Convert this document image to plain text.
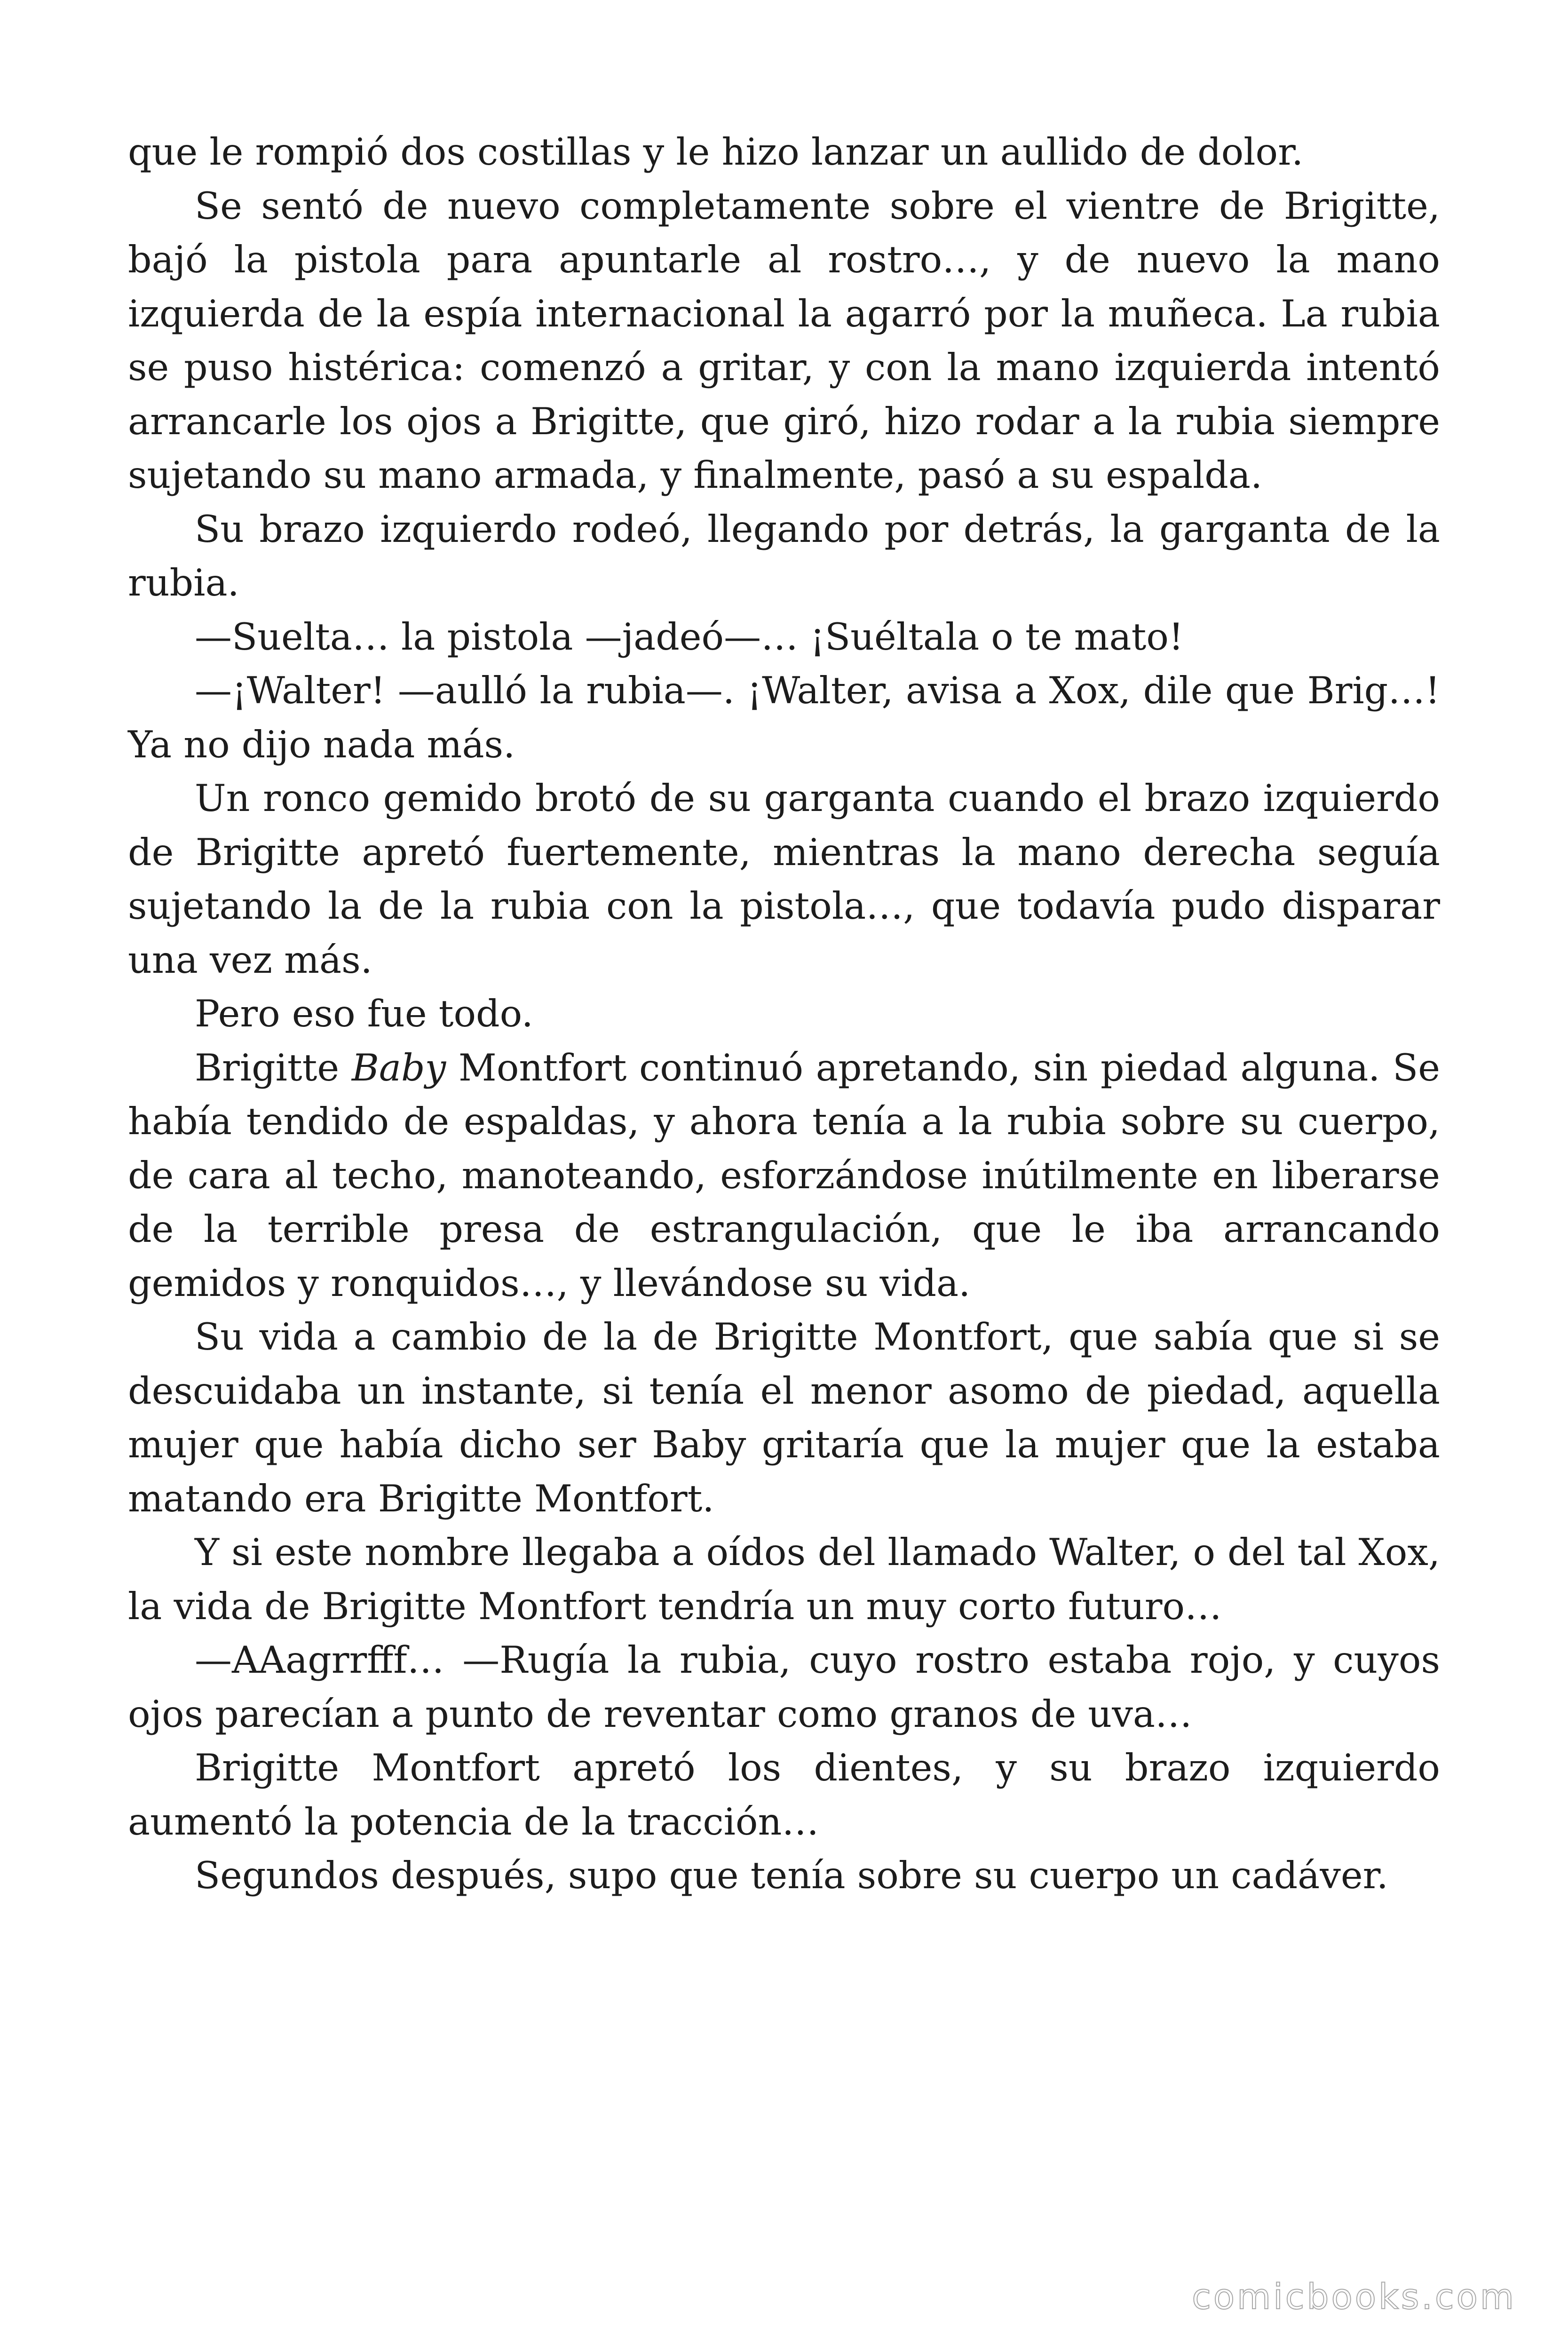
que le rompió dos costillas y le hizo lanzar un aullido de dolor.

Se sentó de nuevo completamente sobre el vientre de Brigitte, bajó la pistola para apuntarle al rostro…, y de nuevo la mano izquierda de la espía internacional la agarró por la muñeca. La rubia se puso histérica: comenzó a gritar, y con la mano izquierda intentó arrancarle los ojos a Brigitte, que giró, hizo rodar a la rubia siempre sujetando su mano armada, y finalmente, pasó a su espalda.

Su brazo izquierdo rodeó, llegando por detrás, la garganta de la rubia.

—Suelta… la pistola —jadeó—… ¡Suéltala o te mato!

—¡Walter! —aulló la rubia—. ¡Walter, avisa a Xox, dile que Brig…! Ya no dijo nada más.

Un ronco gemido brotó de su garganta cuando el brazo izquierdo de Brigitte apretó fuertemente, mientras la mano derecha seguía sujetando la de la rubia con la pistola…, que todavía pudo disparar una vez más.

Pero eso fue todo.

Brigitte Baby Montfort continuó apretando, sin piedad alguna. Se había tendido de espaldas, y ahora tenía a la rubia sobre su cuerpo, de cara al techo, manoteando, esforzándose inútilmente en liberarse de la terrible presa de estrangulación, que le iba arrancando gemidos y ronquidos…, y llevándose su vida.

Su vida a cambio de la de Brigitte Montfort, que sabía que si se descuidaba un instante, si tenía el menor asomo de piedad, aquella mujer que había dicho ser Baby gritaría que la mujer que la estaba matando era Brigitte Montfort.

Y si este nombre llegaba a oídos del llamado Walter, o del tal Xox, la vida de Brigitte Montfort tendría un muy corto futuro…

—AAagrrfff… —Rugía la rubia, cuyo rostro estaba rojo, y cuyos ojos parecían a punto de reventar como granos de uva…

Brigitte Montfort apretó los dientes, y su brazo izquierdo aumentó la potencia de la tracción…

Segundos después, supo que tenía sobre su cuerpo un cadáver.

comicbooks.com
